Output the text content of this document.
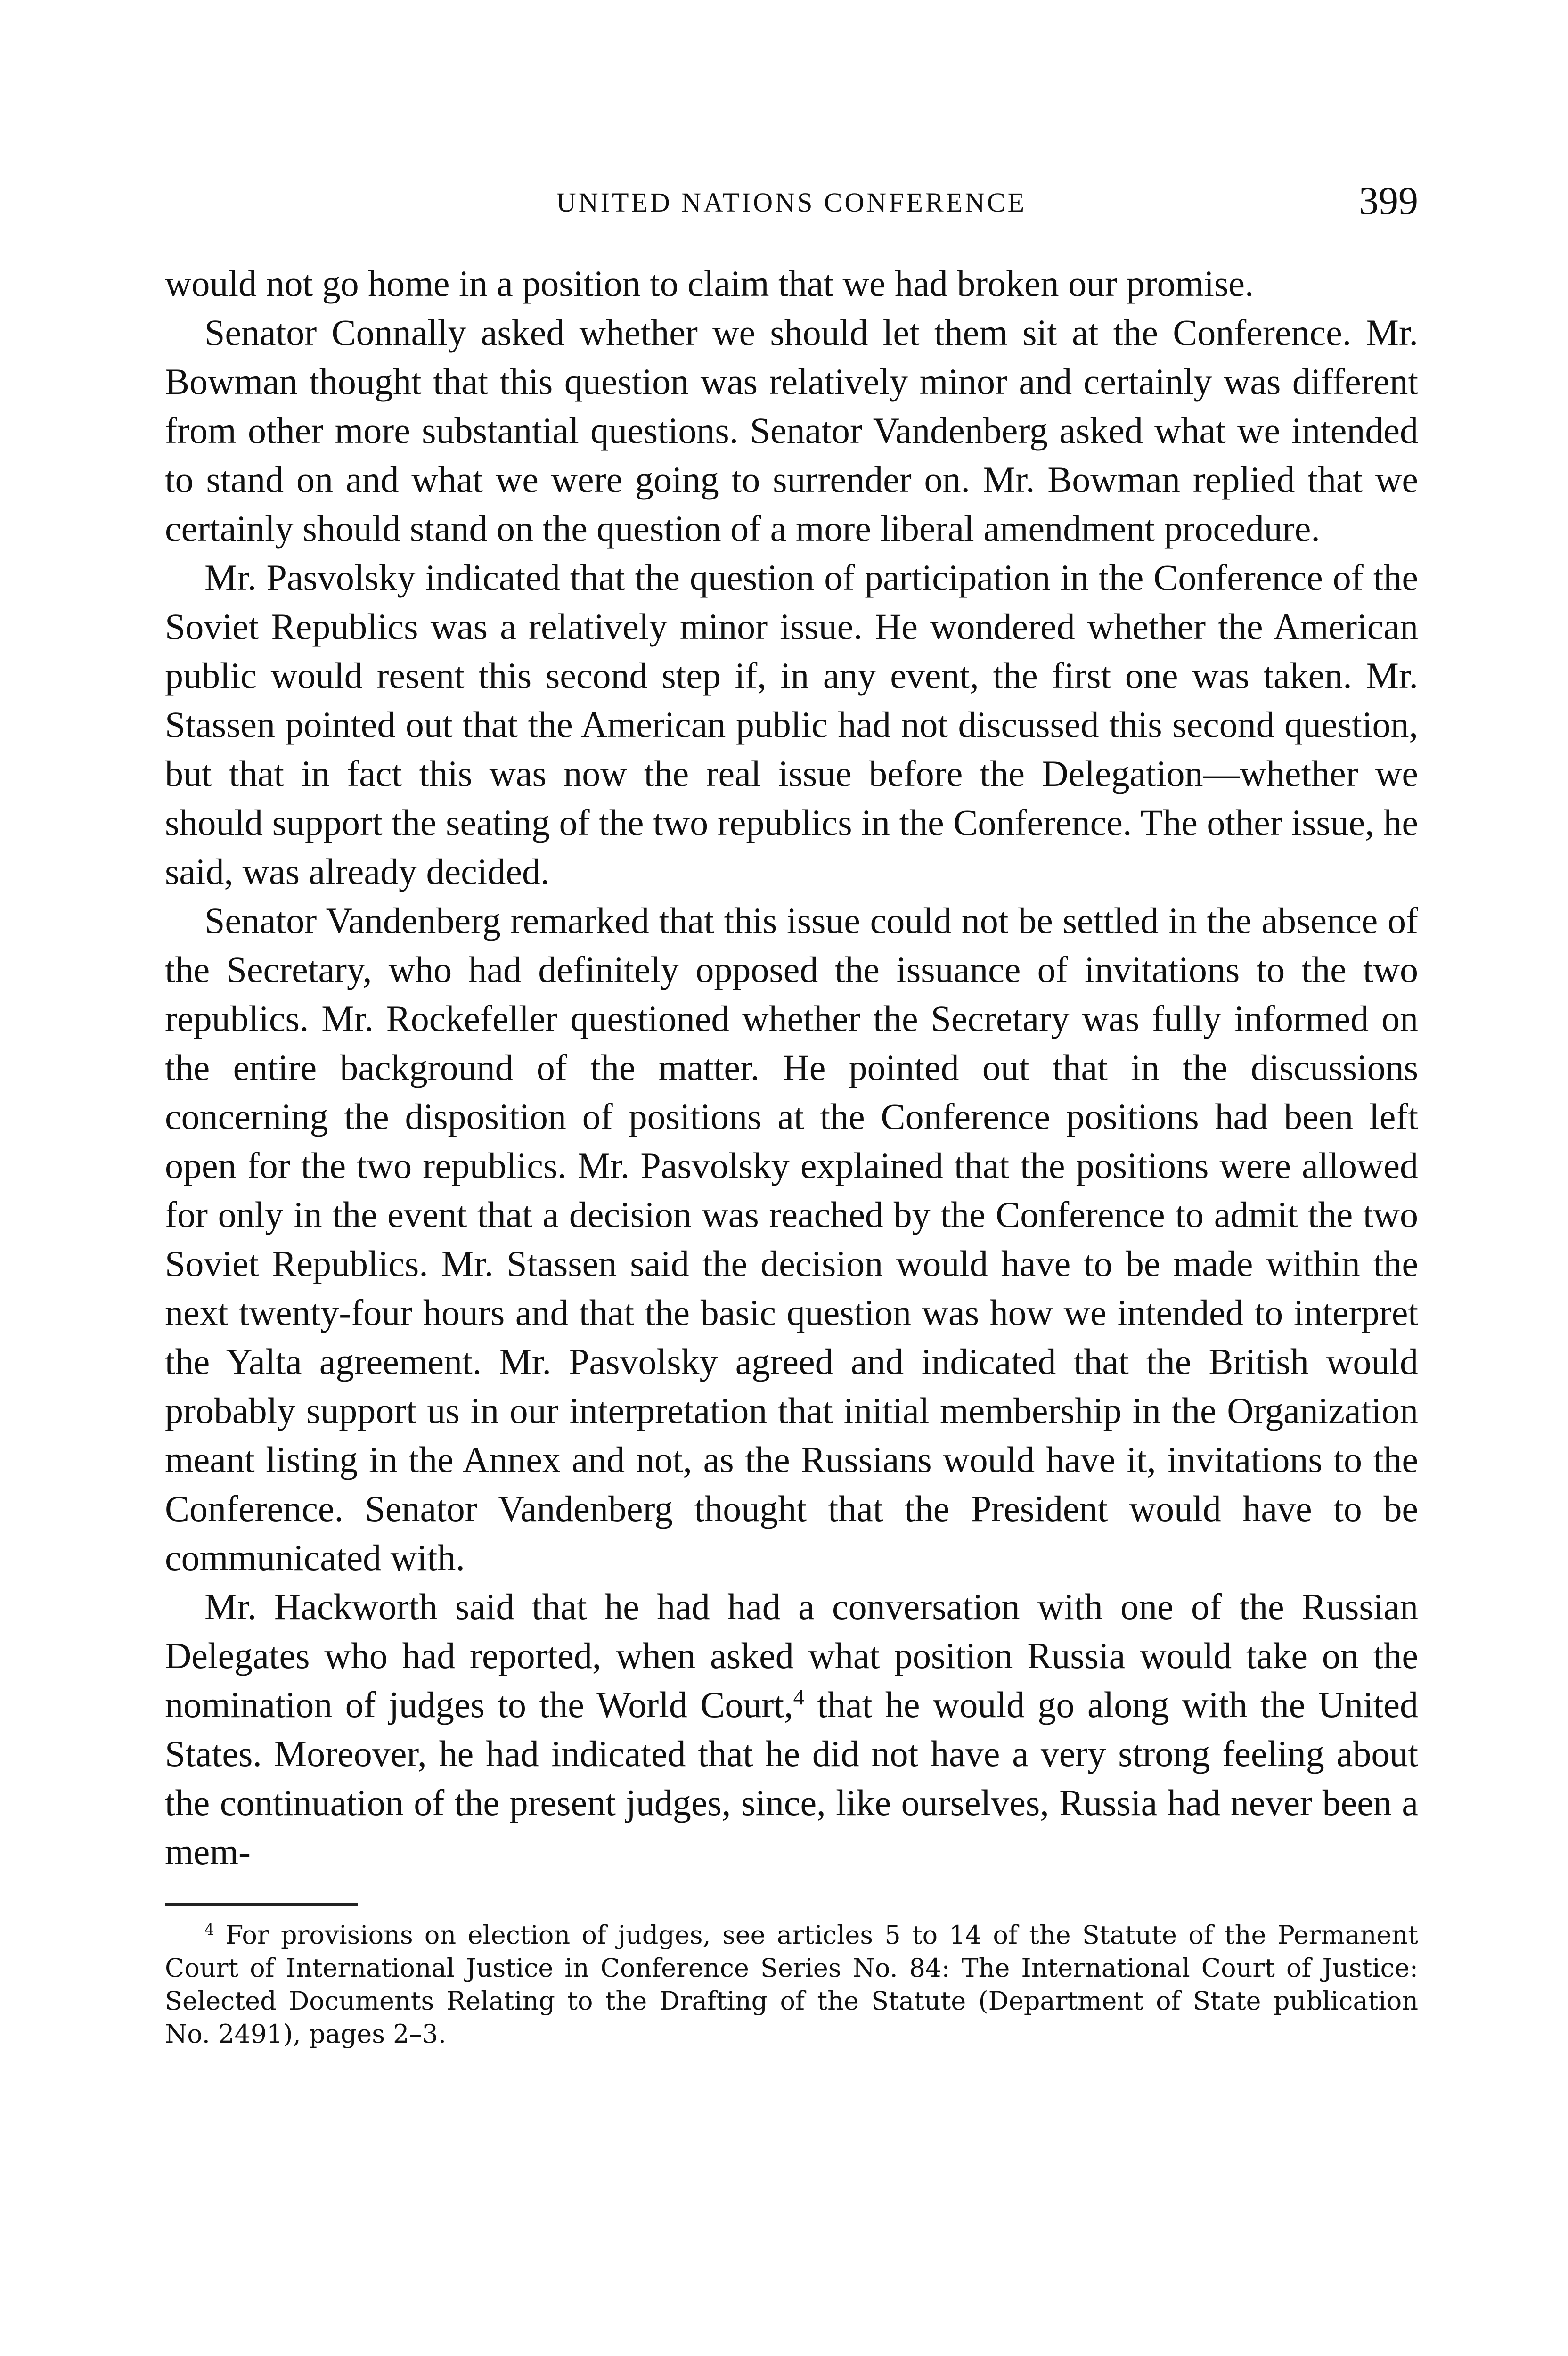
UNITED NATIONS CONFERENCE	399

would not go home in a position to claim that we had broken our promise.

Senator Connally asked whether we should let them sit at the Conference. Mr. Bowman thought that this question was relatively minor and certainly was different from other more substantial questions. Senator Vandenberg asked what we intended to stand on and what we were going to surrender on. Mr. Bowman replied that we certainly should stand on the question of a more liberal amendment procedure.

Mr. Pasvolsky indicated that the question of participation in the Conference of the Soviet Republics was a relatively minor issue. He wondered whether the American public would resent this second step if, in any event, the first one was taken. Mr. Stassen pointed out that the American public had not discussed this second question, but that in fact this was now the real issue before the Delegation—whether we should support the seating of the two republics in the Conference. The other issue, he said, was already decided.

Senator Vandenberg remarked that this issue could not be settled in the absence of the Secretary, who had definitely opposed the issuance of invitations to the two republics. Mr. Rockefeller questioned whether the Secretary was fully informed on the entire background of the matter. He pointed out that in the discussions concerning the disposition of positions at the Conference positions had been left open for the two republics. Mr. Pasvolsky explained that the positions were allowed for only in the event that a decision was reached by the Conference to admit the two Soviet Republics. Mr. Stassen said the decision would have to be made within the next twenty-four hours and that the basic question was how we intended to interpret the Yalta agreement. Mr. Pasvolsky agreed and indicated that the British would probably support us in our interpretation that initial membership in the Organization meant listing in the Annex and not, as the Russians would have it, invitations to the Conference. Senator Vandenberg thought that the President would have to be communicated with.

Mr. Hackworth said that he had had a conversation with one of the Russian Delegates who had reported, when asked what position Russia would take on the nomination of judges to the World Court,$^4$ that he would go along with the United States. Moreover, he had indicated that he did not have a very strong feeling about the continuation of the present judges, since, like ourselves, Russia had never been a mem-

$^4$ For provisions on election of judges, see articles 5 to 14 of the Statute of the Permanent Court of International Justice in Conference Series No. 84: The International Court of Justice: Selected Documents Relating to the Drafting of the Statute (Department of State publication No. 2491), pages 2–3.
